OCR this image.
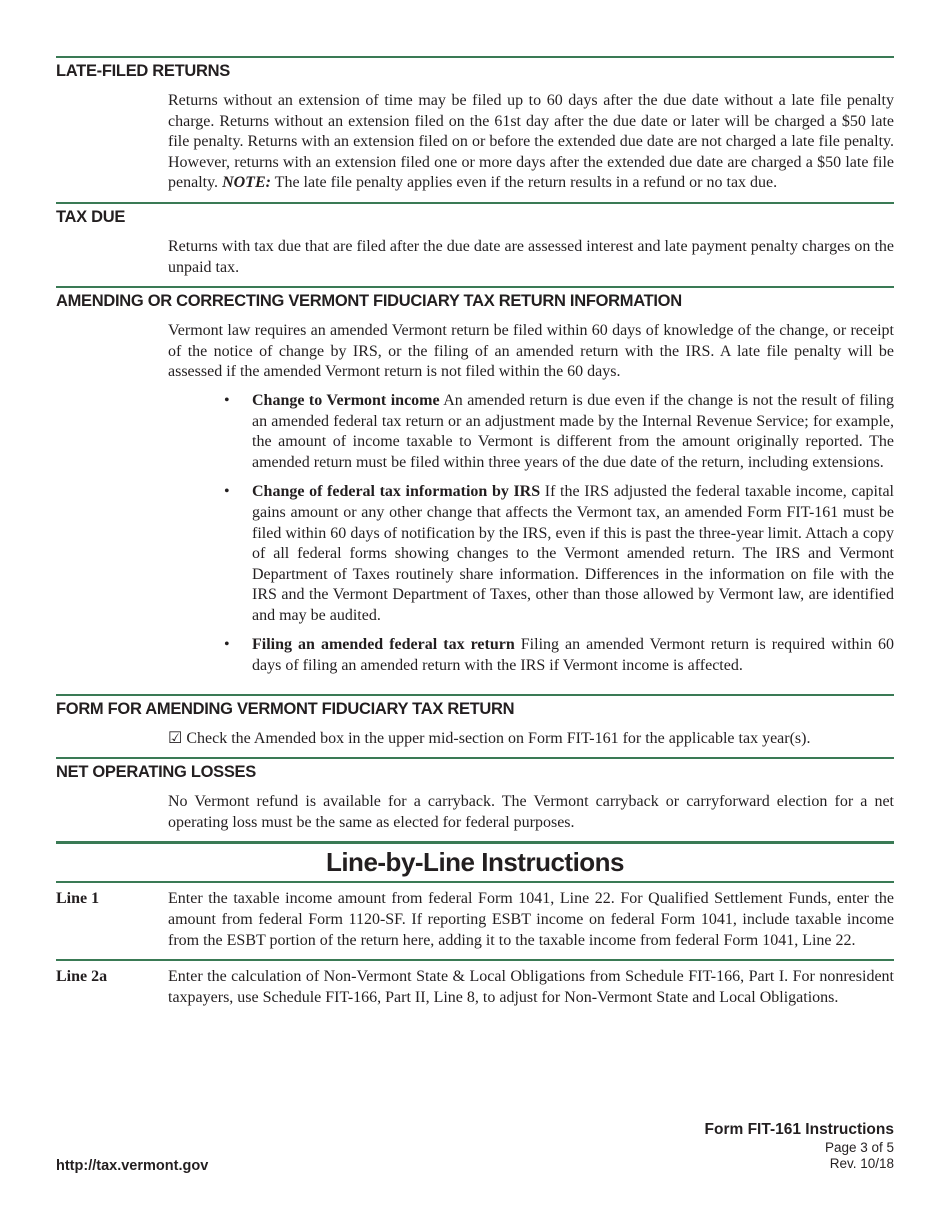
LATE-FILED RETURNS

Returns without an extension of time may be filed up to 60 days after the due date without a late file penalty charge. Returns without an extension filed on the 61st day after the due date or later will be charged a $50 late file penalty. Returns with an extension filed on or before the extended due date are not charged a late file penalty. However, returns with an extension filed one or more days after the extended due date are charged a $50 late file penalty. NOTE: The late file penalty applies even if the return results in a refund or no tax due.

TAX DUE

Returns with tax due that are filed after the due date are assessed interest and late payment penalty charges on the unpaid tax.

AMENDING OR CORRECTING VERMONT FIDUCIARY TAX RETURN INFORMATION

Vermont law requires an amended Vermont return be filed within 60 days of knowledge of the change, or receipt of the notice of change by IRS, or the filing of an amended return with the IRS. A late file penalty will be assessed if the amended Vermont return is not filed within the 60 days.

• Change to Vermont income An amended return is due even if the change is not the result of filing an amended federal tax return or an adjustment made by the Internal Revenue Service; for example, the amount of income taxable to Vermont is different from the amount originally reported. The amended return must be filed within three years of the due date of the return, including extensions.
• Change of federal tax information by IRS If the IRS adjusted the federal taxable income, capital gains amount or any other change that affects the Vermont tax, an amended Form FIT-161 must be filed within 60 days of notification by the IRS, even if this is past the three-year limit. Attach a copy of all federal forms showing changes to the Vermont amended return. The IRS and Vermont Department of Taxes routinely share information. Differences in the information on file with the IRS and the Vermont Department of Taxes, other than those allowed by Vermont law, are identified and may be audited.
• Filing an amended federal tax return Filing an amended Vermont return is required within 60 days of filing an amended return with the IRS if Vermont income is affected.
FORM FOR AMENDING VERMONT FIDUCIARY TAX RETURN

☑ Check the Amended box in the upper mid-section on Form FIT-161 for the applicable tax year(s).

NET OPERATING LOSSES

No Vermont refund is available for a carryback. The Vermont carryback or carryforward election for a net operating loss must be the same as elected for federal purposes.

Line-by-Line Instructions
Line 1	Enter the taxable income amount from federal Form 1041, Line 22. For Qualified Settlement Funds, enter the amount from federal Form 1120-SF. If reporting ESBT income on federal Form 1041, include taxable income from the ESBT portion of the return here, adding it to the taxable income from federal Form 1041, Line 22.
Line 2a	Enter the calculation of Non-Vermont State & Local Obligations from Schedule FIT-166, Part I. For nonresident taxpayers, use Schedule FIT-166, Part II, Line 8, to adjust for Non-Vermont State and Local Obligations.
http://tax.vermont.gov
Form FIT-161 Instructions
Page 3 of 5
Rev. 10/18
